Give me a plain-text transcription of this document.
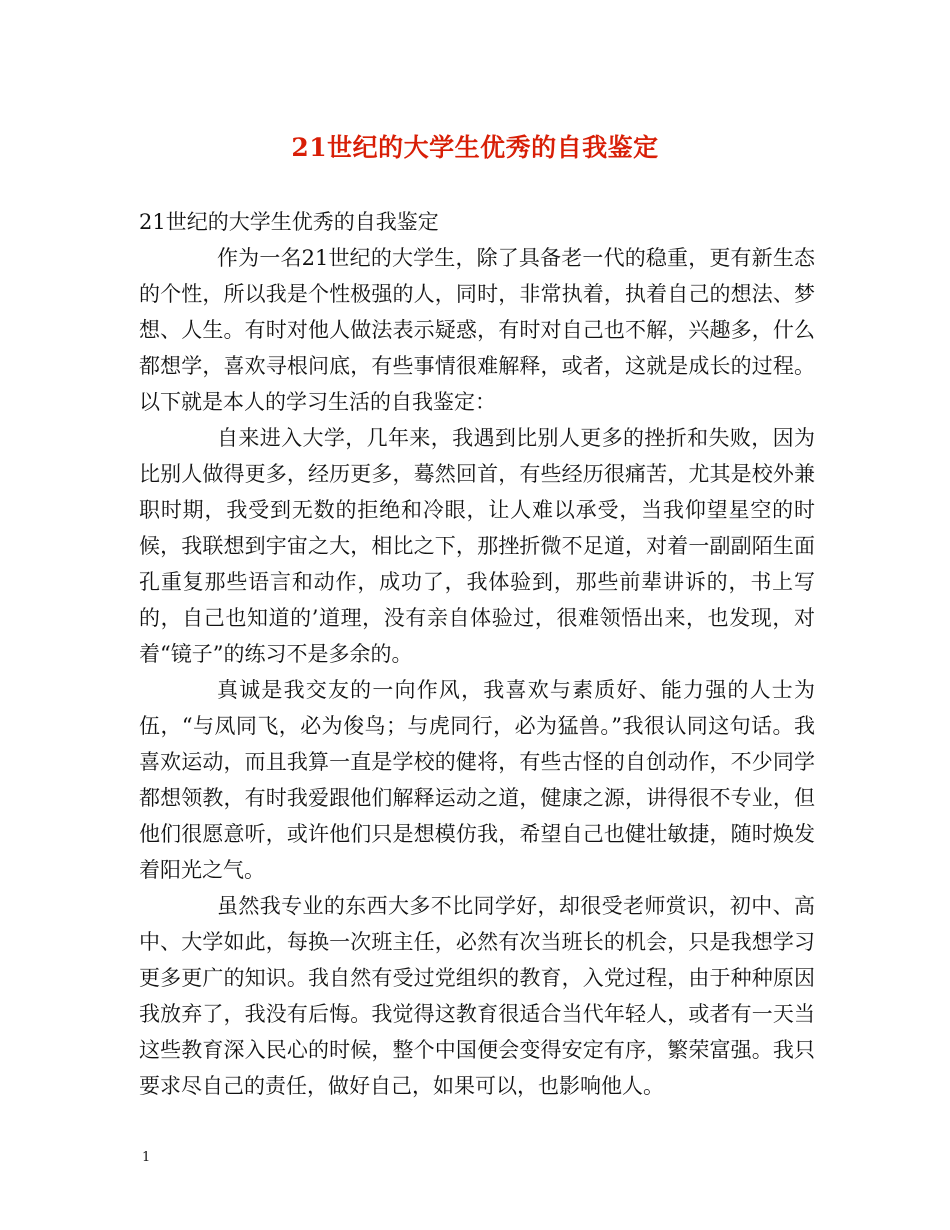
21世纪的大学生优秀的自我鉴定

21世纪的大学生优秀的自我鉴定

作为一名21世纪的大学生，除了具备老一代的稳重，更有新生态的个性，所以我是个性极强的人，同时，非常执着，执着自己的想法、梦想、人生。有时对他人做法表示疑惑，有时对自己也不解，兴趣多，什么都想学，喜欢寻根问底，有些事情很难解释，或者，这就是成长的过程。以下就是本人的学习生活的自我鉴定：

自来进入大学，几年来，我遇到比别人更多的挫折和失败，因为比别人做得更多，经历更多，蓦然回首，有些经历很痛苦，尤其是校外兼职时期，我受到无数的拒绝和冷眼，让人难以承受，当我仰望星空的时候，我联想到宇宙之大，相比之下，那挫折微不足道，对着一副副陌生面孔重复那些语言和动作，成功了，我体验到，那些前辈讲诉的，书上写的，自己也知道的’道理，没有亲自体验过，很难领悟出来，也发现，对着“镜子”的练习不是多余的。

真诚是我交友的一向作风，我喜欢与素质好、能力强的人士为伍，“与凤同飞，必为俊鸟；与虎同行，必为猛兽。”我很认同这句话。我喜欢运动，而且我算一直是学校的健将，有些古怪的自创动作，不少同学都想领教，有时我爱跟他们解释运动之道，健康之源，讲得很不专业，但他们很愿意听，或许他们只是想模仿我，希望自己也健壮敏捷，随时焕发着阳光之气。

虽然我专业的东西大多不比同学好，却很受老师赏识，初中、高中、大学如此，每换一次班主任，必然有次当班长的机会，只是我想学习更多更广的知识。我自然有受过党组织的教育，入党过程，由于种种原因我放弃了，我没有后悔。我觉得这教育很适合当代年轻人，或者有一天当这些教育深入民心的时候，整个中国便会变得安定有序，繁荣富强。我只要求尽自己的责任，做好自己，如果可以，也影响他人。

1
